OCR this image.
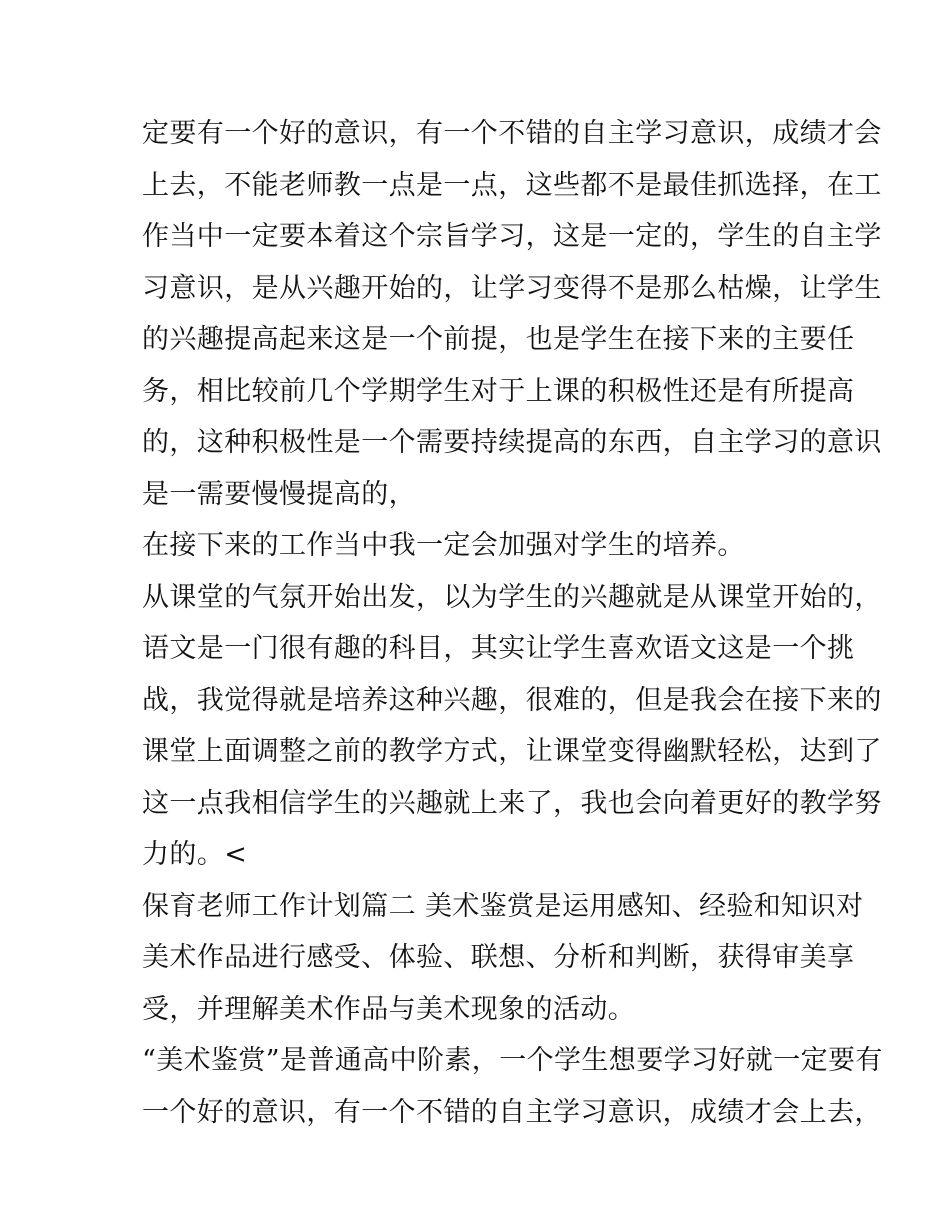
定要有一个好的意识，有一个不错的自主学习意识，成绩才会
上去，不能老师教一点是一点，这些都不是最佳抓选择，在工
作当中一定要本着这个宗旨学习，这是一定的，学生的自主学
习意识，是从兴趣开始的，让学习变得不是那么枯燥，让学生
的兴趣提高起来这是一个前提，也是学生在接下来的主要任
务，相比较前几个学期学生对于上课的积极性还是有所提高
的，这种积极性是一个需要持续提高的东西，自主学习的意识
是一需要慢慢提高的，
在接下来的工作当中我一定会加强对学生的培养。
从课堂的气氛开始出发，以为学生的兴趣就是从课堂开始的，
语文是一门很有趣的科目，其实让学生喜欢语文这是一个挑
战，我觉得就是培养这种兴趣，很难的，但是我会在接下来的
课堂上面调整之前的教学方式，让课堂变得幽默轻松，达到了
这一点我相信学生的兴趣就上来了，我也会向着更好的教学努
力的。<
保育老师工作计划篇二 美术鉴赏是运用感知、经验和知识对
美术作品进行感受、体验、联想、分析和判断，获得审美享
受，并理解美术作品与美术现象的活动。
“美术鉴赏”是普通高中阶素，一个学生想要学习好就一定要有
一个好的意识，有一个不错的自主学习意识，成绩才会上去，
